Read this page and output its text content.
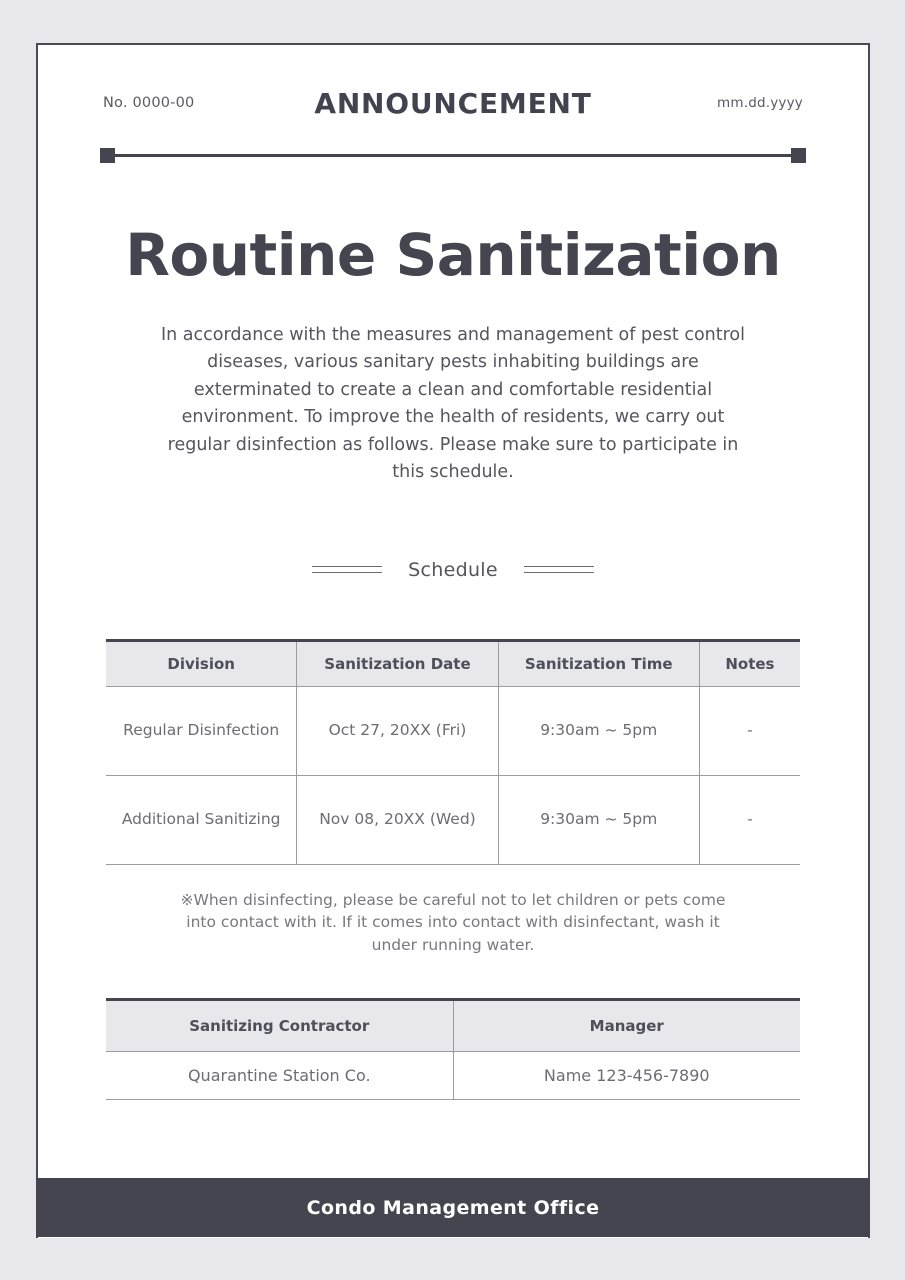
No. 0000-00	ANNOUNCEMENT	mm.dd.yyyy
Routine Sanitization

In accordance with the measures and management of pest control diseases, various sanitary pests inhabiting buildings are exterminated to create a clean and comfortable residential environment. To improve the health of residents, we carry out regular disinfection as follows. Please make sure to participate in this schedule.

Schedule
Division	Sanitization Date	Sanitization Time	Notes
Regular Disinfection	Oct 27, 20XX (Fri)	9:30am ~ 5pm	-
Additional Sanitizing	Nov 08, 20XX (Wed)	9:30am ~ 5pm	-

※When disinfecting, please be careful not to let children or pets come into contact with it. If it comes into contact with disinfectant, wash it under running water.

Sanitizing Contractor	Manager
Quarantine Station Co.	Name 123-456-7890
Condo Management Office
